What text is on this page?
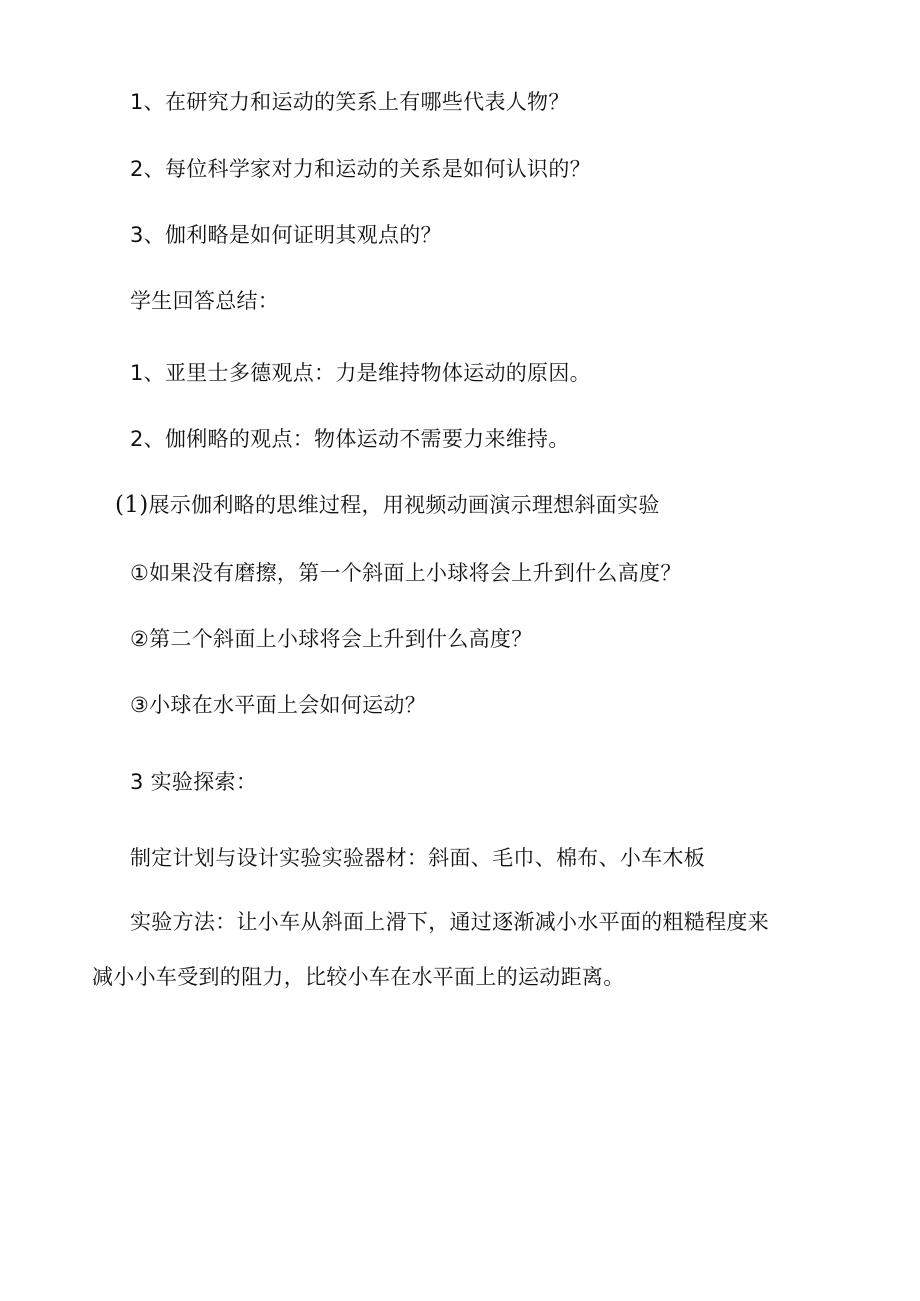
1、在研究力和运动的笑系上有哪些代表人物？
2、每位科学家对力和运动的关系是如何认识的？
3、伽利略是如何证明其观点的？
学生回答总结：
1、亚里士多德观点：力是维持物体运动的原因。
2、伽俐略的观点：物体运动不需要力来维持。
(1)展示伽利略的思维过程，用视频动画演示理想斜面实验
①如果没有磨擦，第一个斜面上小球将会上升到什么高度？
②第二个斜面上小球将会上升到什么高度？
③小球在水平面上会如何运动？
3 实验探索：
制定计划与设计实验实验器材：斜面、毛巾、棉布、小车木板
实验方法：让小车从斜面上滑下，通过逐渐减小水平面的粗糙程度来
减小小车受到的阻力，比较小车在水平面上的运动距离。
